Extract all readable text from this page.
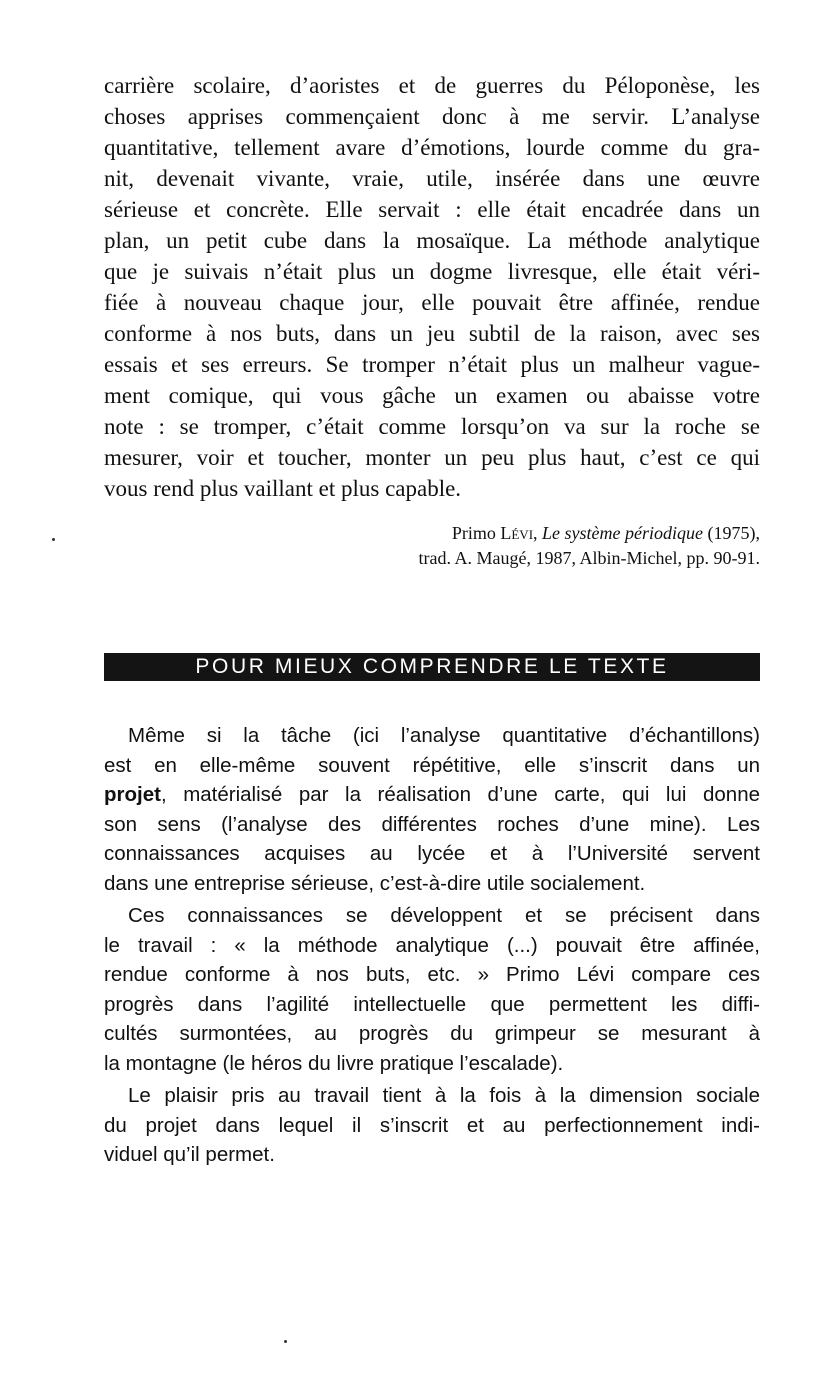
carrière scolaire, d’aoristes et de guerres du Péloponèse, les
choses apprises commençaient donc à me servir. L’analyse
quantitative, tellement avare d’émotions, lourde comme du gra-
nit, devenait vivante, vraie, utile, insérée dans une œuvre
sérieuse et concrète. Elle servait : elle était encadrée dans un
plan, un petit cube dans la mosaïque. La méthode analytique
que je suivais n’était plus un dogme livresque, elle était véri-
fiée à nouveau chaque jour, elle pouvait être affinée, rendue
conforme à nos buts, dans un jeu subtil de la raison, avec ses
essais et ses erreurs. Se tromper n’était plus un malheur vague-
ment comique, qui vous gâche un examen ou abaisse votre
note : se tromper, c’était comme lorsqu’on va sur la roche se
mesurer, voir et toucher, monter un peu plus haut, c’est ce qui
vous rend plus vaillant et plus capable.
Primo Lévi, Le système périodique (1975),
trad. A. Maugé, 1987, Albin-Michel, pp. 90-91.
POUR MIEUX COMPRENDRE LE TEXTE

Même si la tâche (ici l’analyse quantitative d’échantillons)
est en elle-même souvent répétitive, elle s’inscrit dans un
projet, matérialisé par la réalisation d’une carte, qui lui donne
son sens (l’analyse des différentes roches d’une mine). Les
connaissances acquises au lycée et à l’Université servent
dans une entreprise sérieuse, c’est-à-dire utile socialement.

Ces connaissances se développent et se précisent dans
le travail : « la méthode analytique (...) pouvait être affinée,
rendue conforme à nos buts, etc. » Primo Lévi compare ces
progrès dans l’agilité intellectuelle que permettent les diffi-
cultés surmontées, au progrès du grimpeur se mesurant à
la montagne (le héros du livre pratique l’escalade).

Le plaisir pris au travail tient à la fois à la dimension sociale
du projet dans lequel il s’inscrit et au perfectionnement indi-
viduel qu’il permet.
